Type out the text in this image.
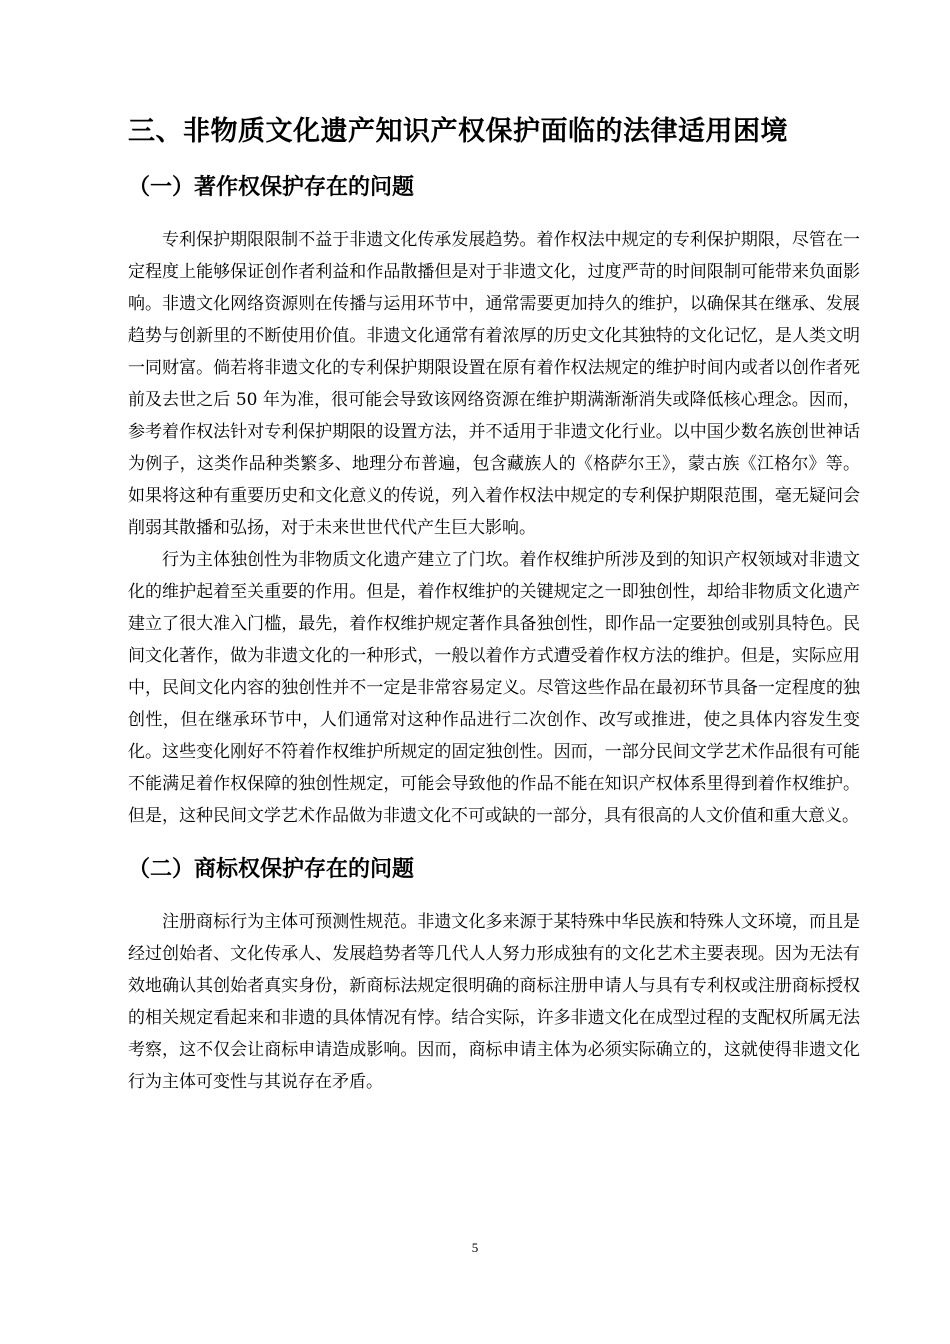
三、非物质文化遗产知识产权保护面临的法律适用困境
（一）著作权保护存在的问题

专利保护期限限制不益于非遗文化传承发展趋势。着作权法中规定的专利保护期限，尽管在一定程度上能够保证创作者利益和作品散播但是对于非遗文化，过度严苛的时间限制可能带来负面影响。非遗文化网络资源则在传播与运用环节中，通常需要更加持久的维护，以确保其在继承、发展趋势与创新里的不断使用价值。非遗文化通常有着浓厚的历史文化其独特的文化记忆，是人类文明一同财富。倘若将非遗文化的专利保护期限设置在原有着作权法规定的维护时间内或者以创作者死前及去世之后 50 年为准，很可能会导致该网络资源在维护期满渐渐消失或降低核心理念。因而，参考着作权法针对专利保护期限的设置方法，并不适用于非遗文化行业。以中国少数名族创世神话为例子，这类作品种类繁多、地理分布普遍，包含藏族人的《格萨尔王》，蒙古族《江格尔》等。如果将这种有重要历史和文化意义的传说，列入着作权法中规定的专利保护期限范围，毫无疑问会削弱其散播和弘扬，对于未来世世代代产生巨大影响。

行为主体独创性为非物质文化遗产建立了门坎。着作权维护所涉及到的知识产权领域对非遗文化的维护起着至关重要的作用。但是，着作权维护的关键规定之一即独创性，却给非物质文化遗产建立了很大准入门槛，最先，着作权维护规定著作具备独创性，即作品一定要独创或别具特色。民间文化著作，做为非遗文化的一种形式，一般以着作方式遭受着作权方法的维护。但是，实际应用中，民间文化内容的独创性并不一定是非常容易定义。尽管这些作品在最初环节具备一定程度的独创性，但在继承环节中，人们通常对这种作品进行二次创作、改写或推进，使之具体内容发生变化。这些变化刚好不符着作权维护所规定的固定独创性。因而，一部分民间文学艺术作品很有可能不能满足着作权保障的独创性规定，可能会导致他的作品不能在知识产权体系里得到着作权维护。但是，这种民间文学艺术作品做为非遗文化不可或缺的一部分，具有很高的人文价值和重大意义。

（二）商标权保护存在的问题

注册商标行为主体可预测性规范。非遗文化多来源于某特殊中华民族和特殊人文环境，而且是经过创始者、文化传承人、发展趋势者等几代人人努力形成独有的文化艺术主要表现。因为无法有效地确认其创始者真实身份，新商标法规定很明确的商标注册申请人与具有专利权或注册商标授权的相关规定看起来和非遗的具体情况有悖。结合实际，许多非遗文化在成型过程的支配权所属无法考察，这不仅会让商标申请造成影响。因而，商标申请主体为必须实际确立的，这就使得非遗文化行为主体可变性与其说存在矛盾。

5
